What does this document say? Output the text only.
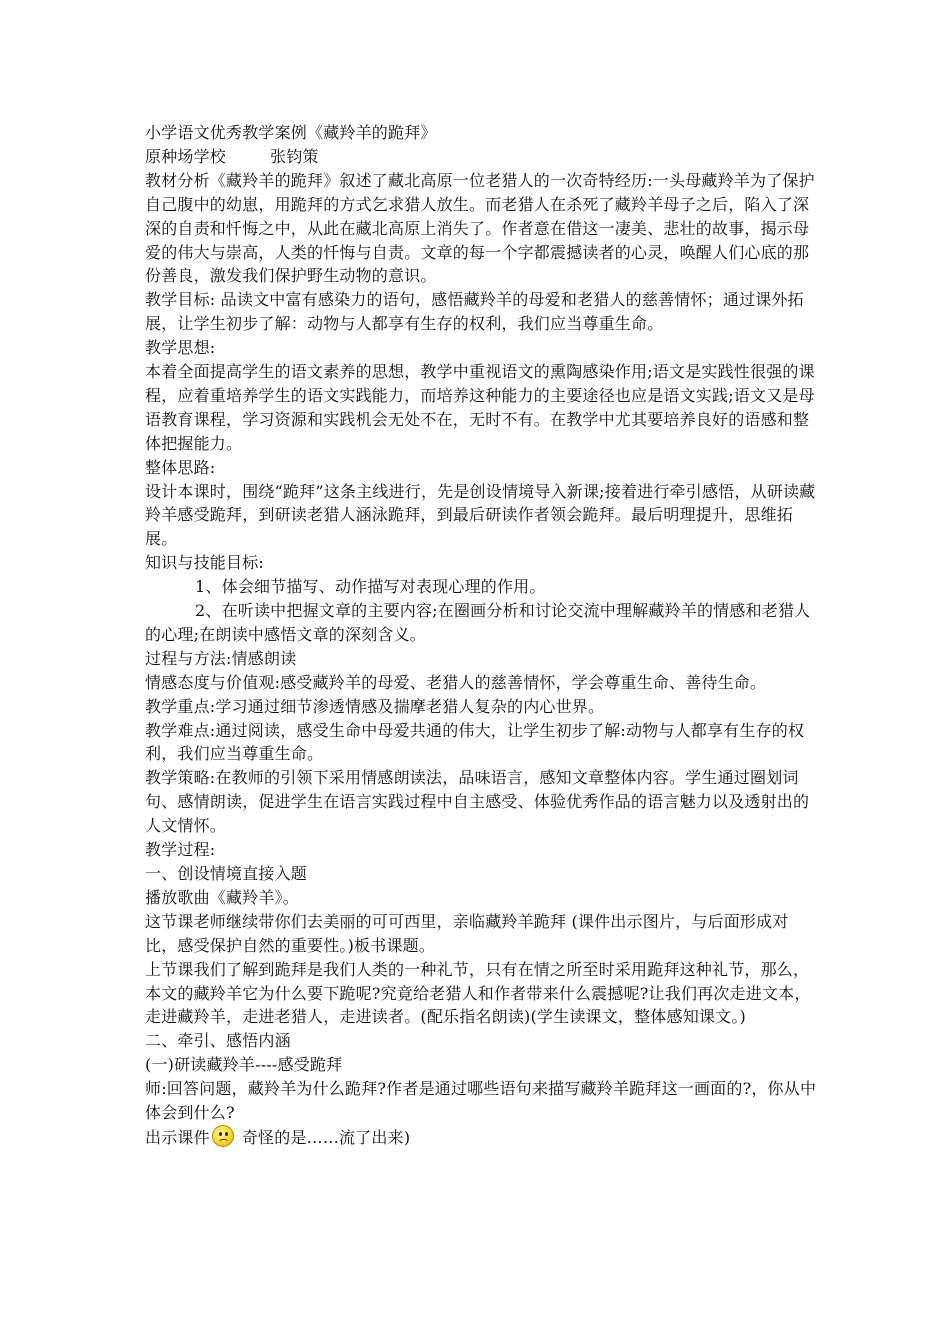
小学语文优秀教学案例《藏羚羊的跪拜》
原种场学校	张钧策
教材分析《藏羚羊的跪拜》叙述了藏北高原一位老猎人的一次奇特经历:一头母藏羚羊为了保护自己腹中的幼崽，用跪拜的方式乞求猎人放生。而老猎人在杀死了藏羚羊母子之后，陷入了深深的自责和忏悔之中，从此在藏北高原上消失了。作者意在借这一凄美、悲壮的故事，揭示母爱的伟大与崇高，人类的忏悔与自责。文章的每一个字都震撼读者的心灵，唤醒人们心底的那份善良，激发我们保护野生动物的意识。
教学目标: 品读文中富有感染力的语句，感悟藏羚羊的母爱和老猎人的慈善情怀；通过课外拓展，让学生初步了解：动物与人都享有生存的权利，我们应当尊重生命。
教学思想:
本着全面提高学生的语文素养的思想，教学中重视语文的熏陶感染作用;语文是实践性很强的课程，应着重培养学生的语文实践能力，而培养这种能力的主要途径也应是语文实践;语文又是母语教育课程，学习资源和实践机会无处不在，无时不有。在教学中尤其要培养良好的语感和整体把握能力。
整体思路:
设计本课时，围绕“跪拜”这条主线进行，先是创设情境导入新课;接着进行牵引感悟，从研读藏羚羊感受跪拜，到研读老猎人涵泳跪拜，到最后研读作者领会跪拜。最后明理提升，思维拓展。
知识与技能目标:
1、体会细节描写、动作描写对表现心理的作用。
2、在听读中把握文章的主要内容;在圈画分析和讨论交流中理解藏羚羊的情感和老猎人的心理;在朗读中感悟文章的深刻含义。
过程与方法:情感朗读
情感态度与价值观:感受藏羚羊的母爱、老猎人的慈善情怀，学会尊重生命、善待生命。
教学重点:学习通过细节渗透情感及揣摩老猎人复杂的内心世界。
教学难点:通过阅读，感受生命中母爱共通的伟大，让学生初步了解:动物与人都享有生存的权利，我们应当尊重生命。
教学策略:在教师的引领下采用情感朗读法，品味语言，感知文章整体内容。学生通过圈划词句、感情朗读，促进学生在语言实践过程中自主感受、体验优秀作品的语言魅力以及透射出的人文情怀。
教学过程:
一、创设情境直接入题
播放歌曲《藏羚羊》。
这节课老师继续带你们去美丽的可可西里，亲临藏羚羊跪拜 (课件出示图片，与后面形成对比，感受保护自然的重要性。)板书课题。
上节课我们了解到跪拜是我们人类的一种礼节，只有在情之所至时采用跪拜这种礼节，那么，本文的藏羚羊它为什么要下跪呢?究竟给老猎人和作者带来什么震撼呢?让我们再次走进文本，走进藏羚羊，走进老猎人，走进读者。(配乐指名朗读)(学生读课文，整体感知课文。)
二、牵引、感悟内涵
(一)研读藏羚羊----感受跪拜
师:回答问题，藏羚羊为什么跪拜?作者是通过哪些语句来描写藏羚羊跪拜这一画面的?，你从中体会到什么?
出示课件 奇怪的是……流了出来)
